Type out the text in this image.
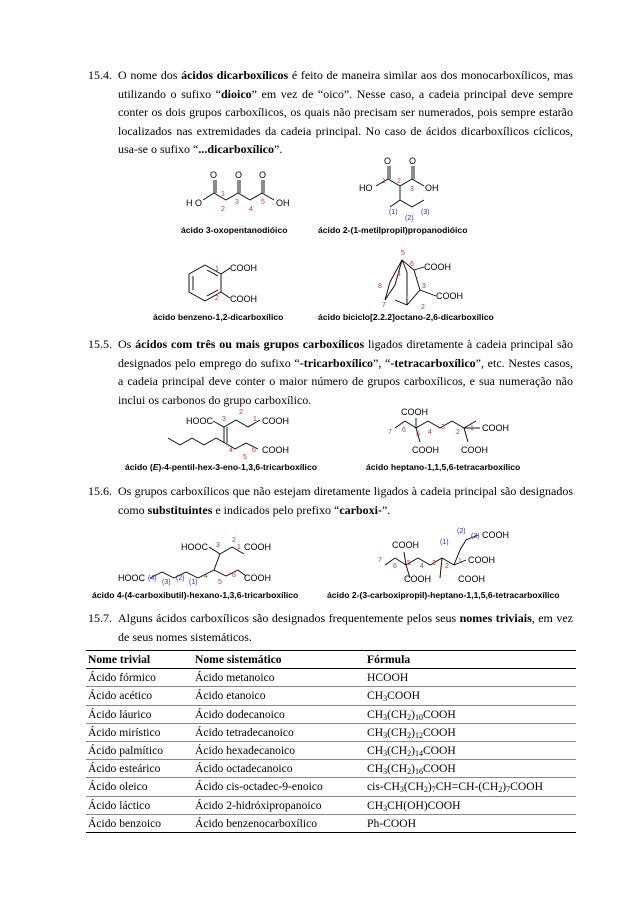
15.4. O nome dos ácidos dicarboxílicos é feito de maneira similar aos dos monocarboxílicos, mas utilizando o sufixo “dioico” em vez de “oico”. Nesse caso, a cadeia principal deve sempre conter os dois grupos carboxílicos, os quais não precisam ser numerados, pois sempre estarão localizados nas extremidades da cadeia principal. No caso de ácidos dicarboxílicos cíclicos, usa-se o sufixo “...dicarboxílico”.
O O O
H O	OH
1
2
3
4
5
ácido 3-oxopentanodióico
O O
HO	OH
1 2
3
(1)
(2)
(3)
ácido 2-(1-metilpropil)propanodióico
COOH
COOH
1
2
ácido benzeno-1,2-dicarboxílico
COOH
COOH
5
6
4
3
8
1
7	2
ácido biciclo[2.2.2]octano-2,6-dicarboxílico
15.5. Os ácidos com três ou mais grupos carboxílicos ligados diretamente à cadeia principal são designados pelo emprego do sufixo “-tricarboxílico”, “-tetracarboxílico”, etc. Nestes casos, a cadeia principal deve conter o maior número de grupos carboxílicos, e sua numeração não inclui os carbonos do grupo carboxílico.
HOOC	COOH
COOH
3
2
1
4
5
6
ácido (E)-4-pentil-hex-3-eno-1,3,6-tricarboxílico
COOH
COOH COOH
COOH
7 6
5 4
3
2
1
ácido heptano-1,1,5,6-tetracarboxílico
15.6. Os grupos carboxílicos que não estejam diretamente ligados à cadeia principal são designados como substituintes e indicados pelo prefixo “carboxi-”.
HOOC	COOH
HOOC	COOH
3
2
1
4
5
6
(4)
(3)
(2)
(1)
ácido 4-(4-carboxibutil)-hexano-1,3,6-tricarboxílico
COOH
COOH	COOH
COOH
COOH
7
6 5 4 3 2
1
(1)
(2)
(3)
ácido 2-(3-carboxipropil)-heptano-1,1,5,6-tetracarboxílico
15.7. Alguns ácidos carboxílicos são designados frequentemente pelos seus nomes triviais, em vez de seus nomes sistemáticos.
Nome trivial	Nome sistemático	Fórmula
Ácido fórmico	Ácido metanoico	HCOOH
Ácido acético	Ácido etanoico	$CH_3COOH$
Ácido láurico	Ácido dodecanoico	$CH_3(CH_2)_{10}COOH$
Ácido mirístico	Ácido tetradecanoico	$CH_3(CH_2)_{12}COOH$
Ácido palmítico	Ácido hexadecanoico	$CH_3(CH_2)_{14}COOH$
Ácido esteárico	Ácido octadecanoico	$CH_3(CH_2)_{16}COOH$
Ácido oleico	Ácido cis-octadec-9-enoico	cis-$CH_3(CH_2)_7CH=CH-(CH_2)_7COOH$
Ácido láctico	Ácido 2-hidróxipropanoico	$CH_3CH(OH)COOH$
Ácido benzoico	Ácido benzenocarboxílico	Ph-COOH
